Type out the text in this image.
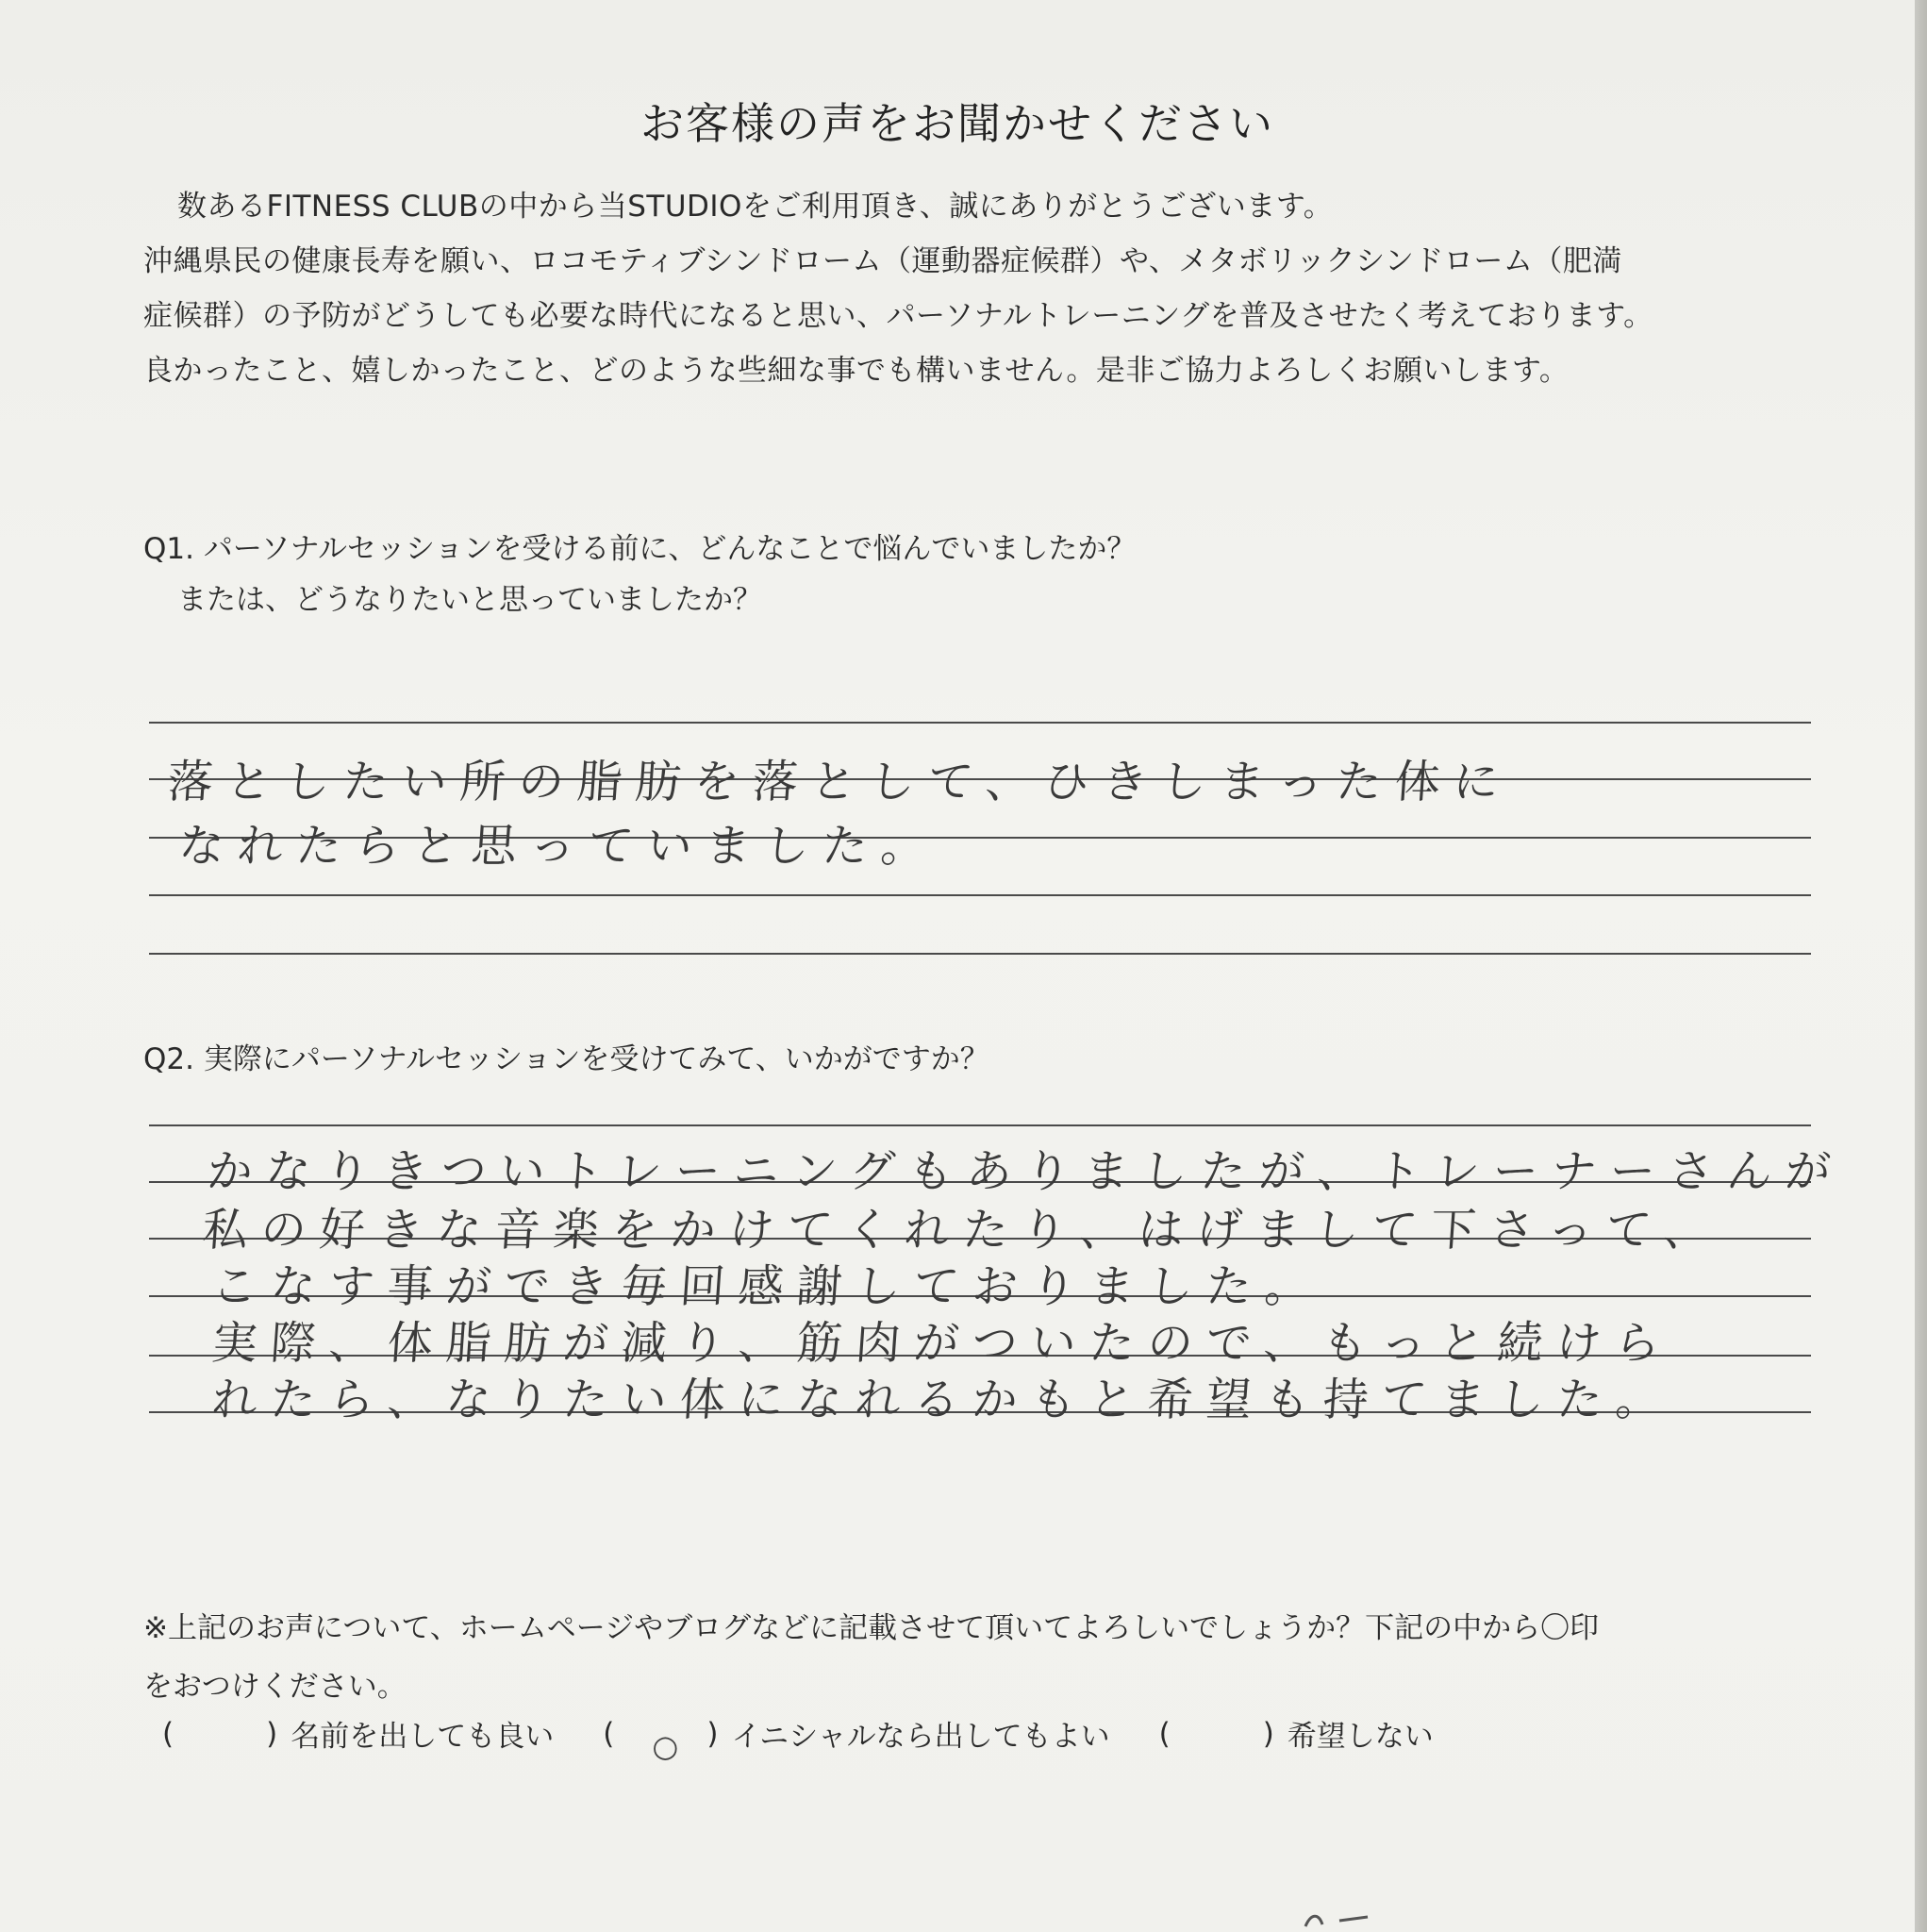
お客様の声をお聞かせください

数あるFITNESS CLUBの中から当STUDIOをご利用頂き、誠にありがとうございます。

沖縄県民の健康長寿を願い、ロコモティブシンドローム（運動器症候群）や、メタボリックシンドローム（肥満

症候群）の予防がどうしても必要な時代になると思い、パーソナルトレーニングを普及させたく考えております。

良かったこと、嬉しかったこと、どのような些細な事でも構いません。是非ご協力よろしくお願いします。

Q1. パーソナルセッションを受ける前に、どんなことで悩んでいましたか？

または、どうなりたいと思っていましたか？

落としたい所の脂肪を落として、ひきしまった体に
なれたらと思っていました。

Q2. 実際にパーソナルセッションを受けてみて、いかがですか？

かなりきついトレーニングもありましたが、トレーナーさんが
私の好きな音楽をかけてくれたり、はげまして下さって、
こなす事ができ毎回感謝しておりました。
実際、体脂肪が減り、筋肉がついたので、もっと続けら
れたら、なりたい体になれるかもと希望も持てました。

※上記のお声について、ホームページやブログなどに記載させて頂いてよろしいでしょうか？下記の中から〇印

をおつけください。

(	) 名前を出しても良い ( ○ ) イニシャルなら出してもよい (	) 希望しない
